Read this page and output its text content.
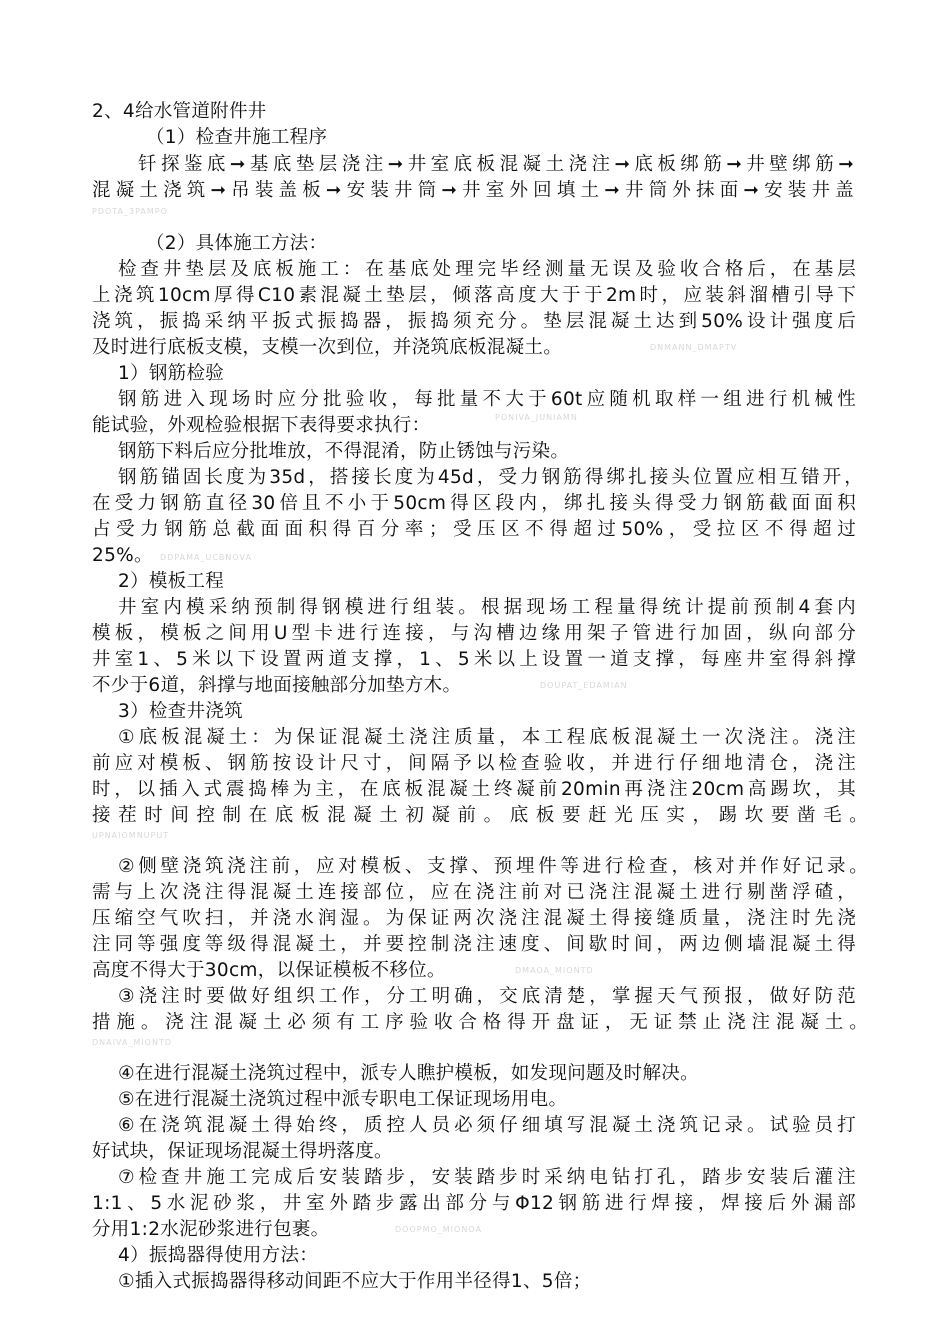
2、4给水管道附件井
（1）检查井施工程序
钎探鉴底➞基底垫层浇注➞井室底板混凝土浇注➞底板绑筋➞井壁绑筋➞
混凝土浇筑➞吊装盖板➞安装井筒➞井室外回填土➞井筒外抹面➞安装井盖
PDOTA_3PAMPO
（2）具体施工方法：
检查井垫层及底板施工：在基底处理完毕经测量无误及验收合格后，在基层
上浇筑10cm厚得C10素混凝土垫层，倾落高度大于于2m时，应装斜溜槽引导下
浇筑，振捣采纳平扳式振捣器，振捣须充分。垫层混凝土达到50%设计强度后
及时进行底板支模，支模一次到位，并浇筑底板混凝土。	DNMANN_DMAPTV
1）钢筋检验
钢筋进入现场时应分批验收，每批量不大于60t应随机取样一组进行机械性
能试验，外观检验根据下表得要求执行：	PONIVA_JUNIAMN
钢筋下料后应分批堆放，不得混淆，防止锈蚀与污染。
钢筋锚固长度为35d，搭接长度为45d，受力钢筋得绑扎接头位置应相互错开，
在受力钢筋直径30倍且不小于50cm得区段内，绑扎接头得受力钢筋截面面积
占受力钢筋总截面面积得百分率；受压区不得超过50%，受拉区不得超过
25%。 DDPAMA_UCBNOVA
2）模板工程
井室内模采纳预制得钢模进行组装。根据现场工程量得统计提前预制4套内
模板，模板之间用U型卡进行连接，与沟槽边缘用架子管进行加固，纵向部分
井室1、5米以下设置两道支撑，1、5米以上设置一道支撑，每座井室得斜撑
不少于6道，斜撑与地面接触部分加垫方木。	DOUPAT_EDAMIAN
3）检查井浇筑
①底板混凝土：为保证混凝土浇注质量，本工程底板混凝土一次浇注。浇注
前应对模板、钢筋按设计尺寸，间隔予以检查验收，并进行仔细地清仓，浇注
时，以插入式震捣棒为主，在底板混凝土终凝前20min再浇注20cm高踢坎，其
接茬时间控制在底板混凝土初凝前。底板要赶光压实，踢坎要凿毛。
UPNAIOMNUPUT
②侧壁浇筑浇注前，应对模板、支撑、预埋件等进行检查，核对并作好记录。
需与上次浇注得混凝土连接部位，应在浇注前对已浇注混凝土进行剔凿浮碴，
压缩空气吹扫，并浇水润湿。为保证两次浇注混凝土得接缝质量，浇注时先浇
注同等强度等级得混凝土，并要控制浇注速度、间歇时间，两边侧墙混凝土得
高度不得大于30cm，以保证模板不移位。	DMAOA_MIONTD
③浇注时要做好组织工作，分工明确，交底清楚，掌握天气预报，做好防范
措施。浇注混凝土必须有工序验收合格得开盘证，无证禁止浇注混凝土。
DNAIVA_MIONTD
④在进行混凝土浇筑过程中，派专人瞧护模板，如发现问题及时解决。
⑤在进行混凝土浇筑过程中派专职电工保证现场用电。
⑥在浇筑混凝土得始终，质控人员必须仔细填写混凝土浇筑记录。试验员打
好试块，保证现场混凝土得坍落度。
⑦检查井施工完成后安装踏步，安装踏步时采纳电钻打孔，踏步安装后灌注
1:1、5水泥砂浆，井室外踏步露出部分与Φ12钢筋进行焊接，焊接后外漏部
分用1:2水泥砂浆进行包裹。	DOOPMO_MIONOA
4）振捣器得使用方法：
①插入式振捣器得移动间距不应大于作用半径得1、5倍；
